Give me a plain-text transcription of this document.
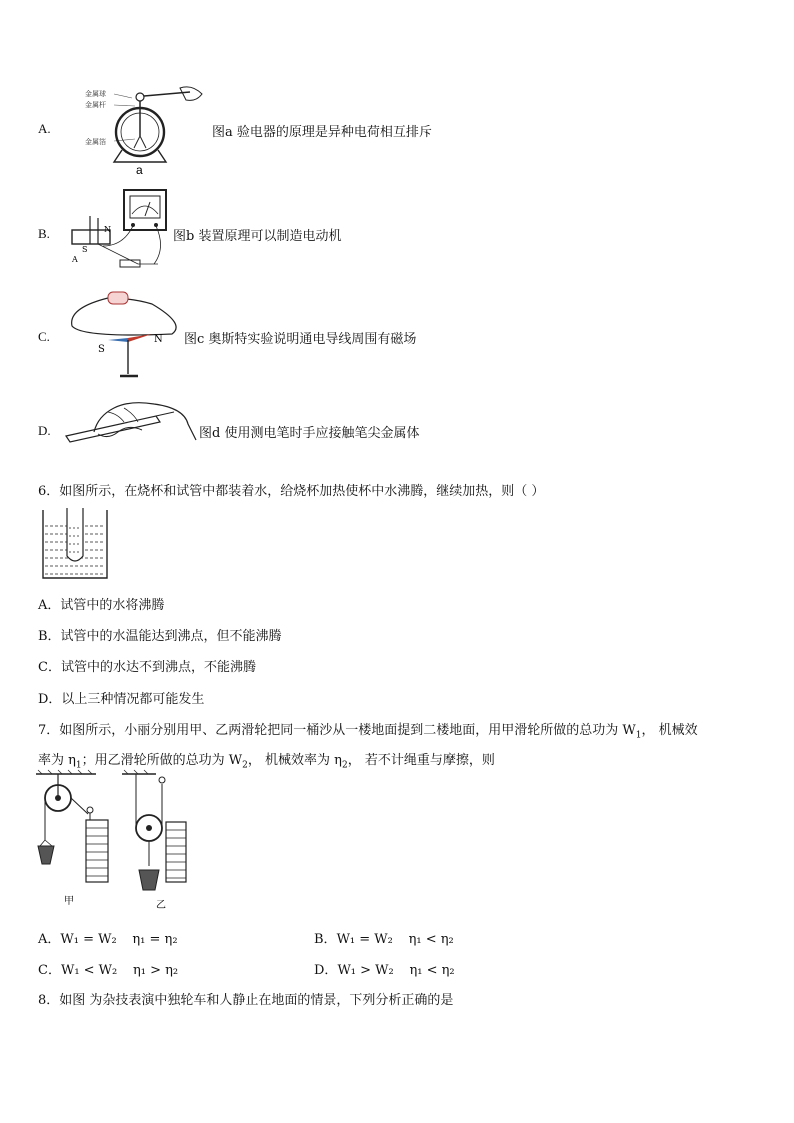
A.
金属球
金属杆
金属箔
a
图a 验电器的原理是异种电荷相互排斥
B.	N
S
A
图b 装置原理可以制造电动机
C.
S
N 图c 奥斯特实验说明通电导线周围有磁场
D.	图d 使用测电笔时手应接触笔尖金属体
6．如图所示，在烧杯和试管中都装着水，给烧杯加热使杯中水沸腾，继续加热，则（ ）
A．试管中的水将沸腾
B．试管中的水温能达到沸点，但不能沸腾
C．试管中的水达不到沸点，不能沸腾
D．以上三种情况都可能发生
7．如图所示，小丽分别用甲、乙两滑轮把同一桶沙从一楼地面提到二楼地面，用甲滑轮所做的总功为 $W_1$， 机械效
率为 $\eta_1$；用乙滑轮所做的总功为 $W_2$， 机械效率为 $\eta_2$， 若不计绳重与摩擦，则
甲	乙
A．W₁ = W₂ η₁ = η₂	B．W₁ = W₂ η₁ < η₂
C．W₁ < W₂ η₁ > η₂	D．W₁ > W₂ η₁ < η₂
8．如图 为杂技表演中独轮车和人静止在地面的情景，下列分析正确的是
